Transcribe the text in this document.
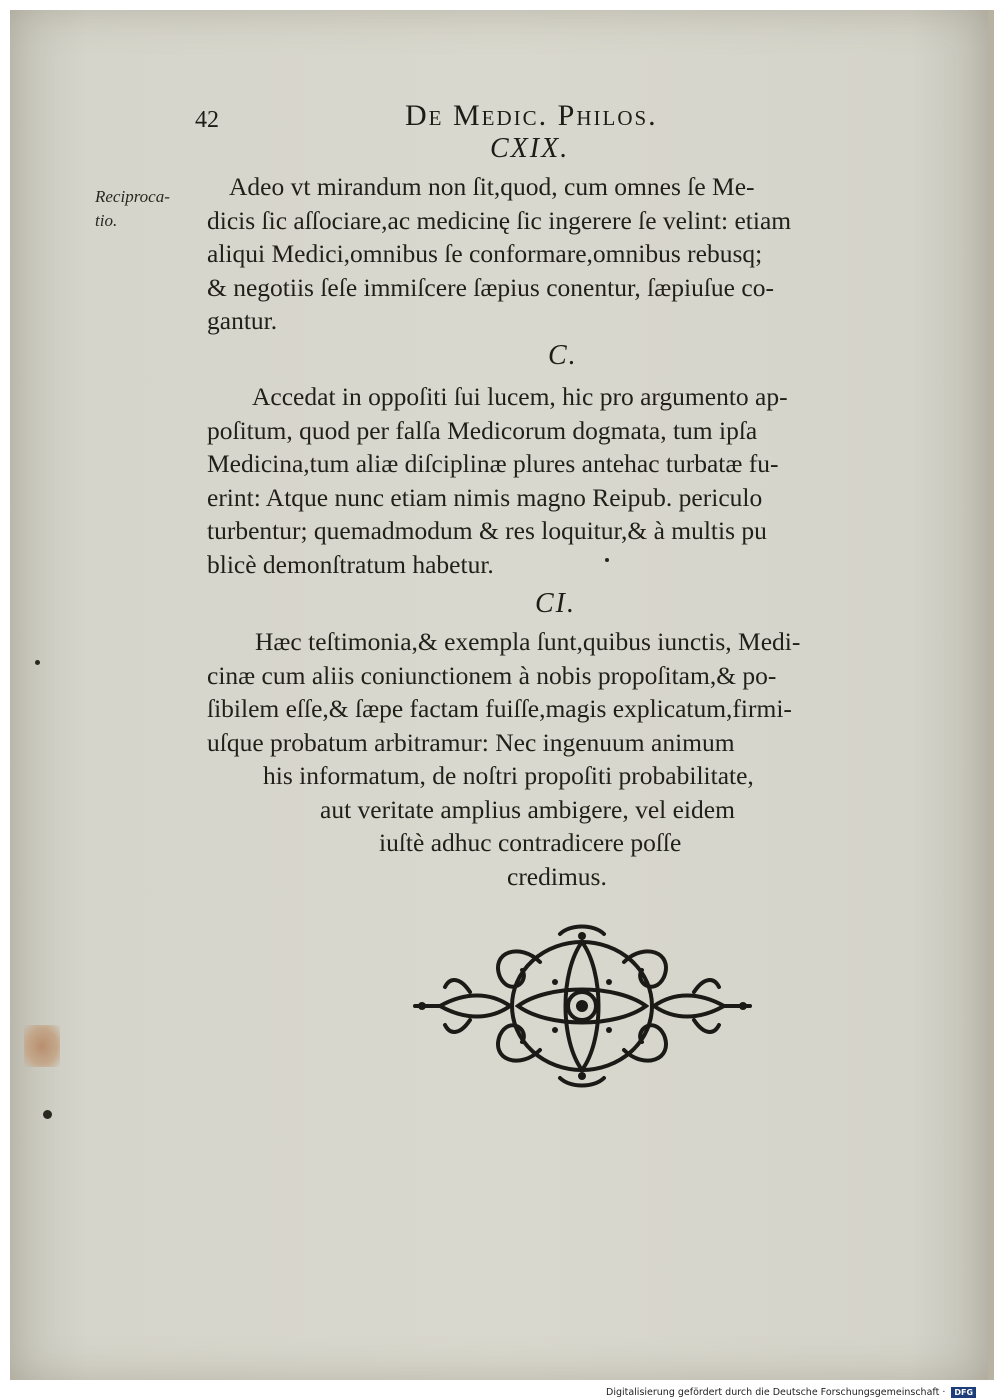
42	De Medic. Philos.
Reciproca-
tio.
CXIX.
Adeo vt mirandum non ſit,quod, cum omnes ſe Me-
dicis ſic aſſociare,ac medicinę ſic ingerere ſe velint: etiam
aliqui Medici,omnibus ſe conformare,omnibus rebusq;
& negotiis ſeſe immiſcere ſæpius conentur, ſæpiuſue co-
gantur.
C.
Accedat in oppoſiti ſui lucem, hic pro argumento ap-
poſitum, quod per falſa Medicorum dogmata, tum ipſa
Medicina,tum aliæ diſciplinæ plures antehac turbatæ fu-
erint: Atque nunc etiam nimis magno Reipub. periculo
turbentur; quemadmodum & res loquitur,& à multis pu
blicè demonſtratum habetur.
CI.
Hæc teſtimonia,& exempla ſunt,quibus iunctis, Medi-
cinæ cum aliis coniunctionem à nobis propoſitam,& po-
ſibilem eſſe,& ſæpe factam fuiſſe,magis explicatum,firmi-
uſque probatum arbitramur: Nec ingenuum animum
his informatum, de noſtri propoſiti probabilitate,
aut veritate amplius ambigere, vel eidem
iuſtè adhuc contradicere poſſe
credimus.
Digitalisierung gefördert durch die Deutsche Forschungsgemeinschaft · DFG
